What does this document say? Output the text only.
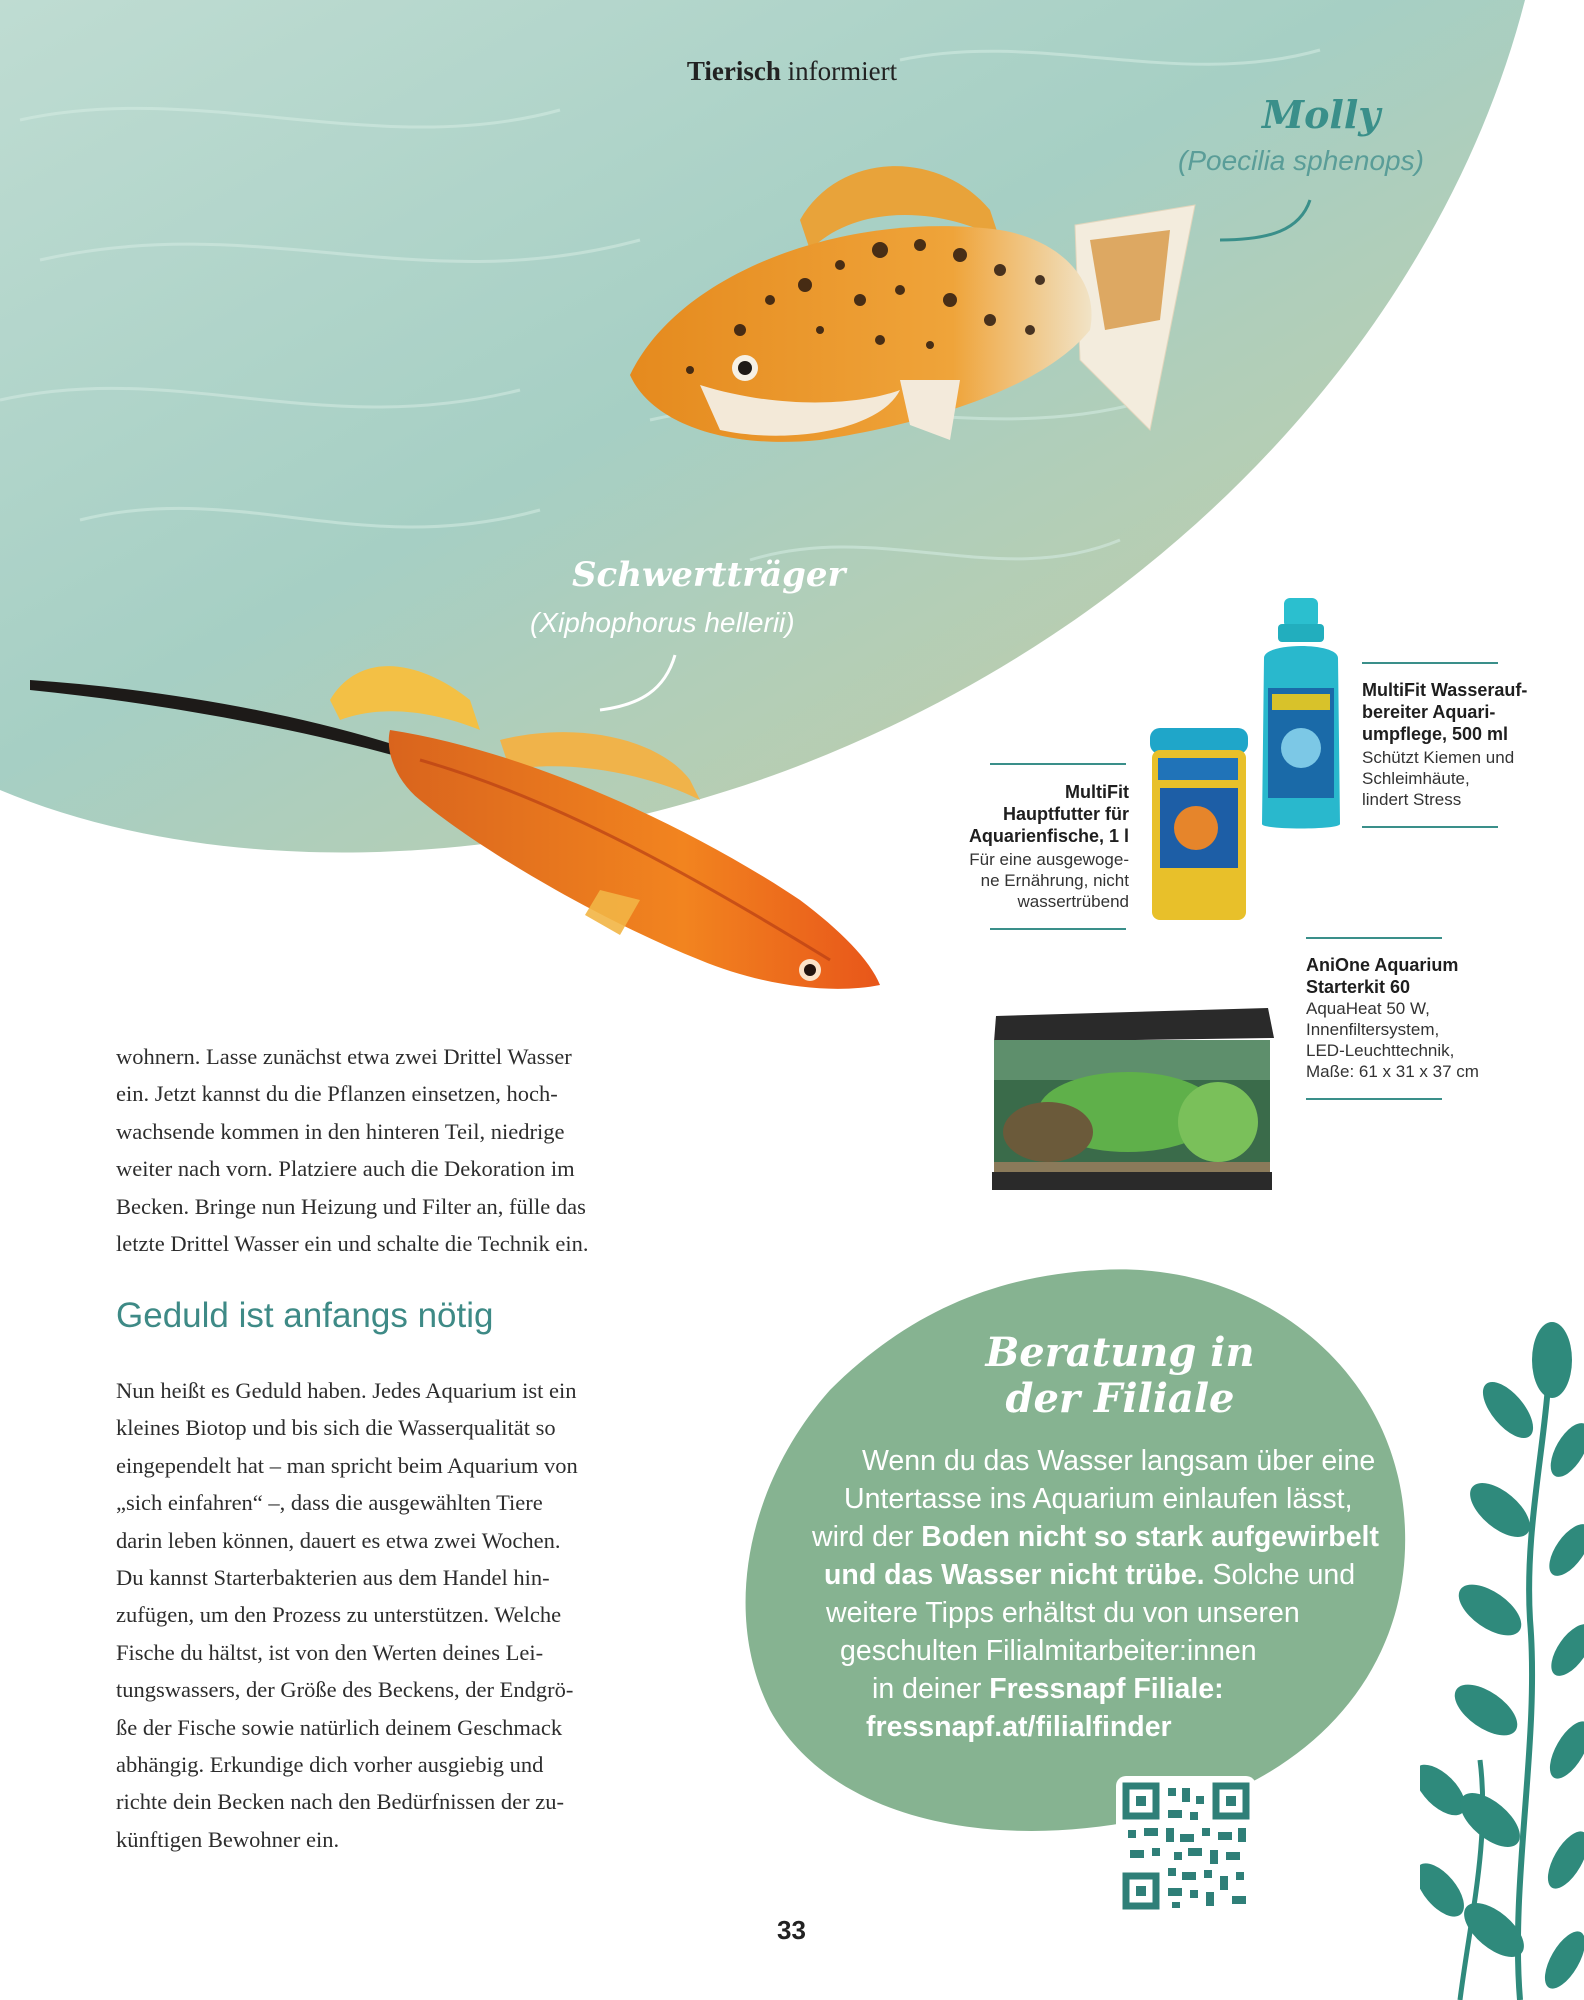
Tierisch informiert
Molly
(Poecilia sphenops)
Schwertträger
(Xiphophorus hellerii)
MultiFit Wasserauf-
bereiter Aquari-
umpflege, 500 ml
Schützt Kiemen und
Schleimhäute,
lindert Stress
MultiFit
Hauptfutter für
Aquarienfische, 1 l
Für eine ausgewoge-
ne Ernährung, nicht
wassertrübend
AniOne Aquarium
Starterkit 60
AquaHeat 50 W,
Innenfiltersystem,
LED-Leuchttechnik,
Maße: 61 x 31 x 37 cm

wohnern. Lasse zunächst etwa zwei Drittel Wasser

ein. Jetzt kannst du die Pflanzen einsetzen, hoch-

wachsende kommen in den hinteren Teil, niedrige

weiter nach vorn. Platziere auch die Dekoration im

Becken. Bringe nun Heizung und Filter an, fülle das

letzte Drittel Wasser ein und schalte die Technik ein.

Geduld ist anfangs nötig

Nun heißt es Geduld haben. Jedes Aquarium ist ein

kleines Biotop und bis sich die Wasserqualität so

eingependelt hat – man spricht beim Aquarium von

„sich einfahren“ –, dass die ausgewählten Tiere

darin leben können, dauert es etwa zwei Wochen.

Du kannst Starterbakterien aus dem Handel hin-

zufügen, um den Prozess zu unterstützen. Welche

Fische du hältst, ist von den Werten deines Lei-

tungswassers, der Größe des Beckens, der Endgrö-

ße der Fische sowie natürlich deinem Geschmack

abhängig. Erkundige dich vorher ausgiebig und

richte dein Becken nach den Bedürfnissen der zu-

künftigen Bewohner ein.

Beratung in
der Filiale
Wenn du das Wasser langsam über eine
Untertasse ins Aquarium einlaufen lässt,
wird der Boden nicht so stark aufgewirbelt
und das Wasser nicht trübe. Solche und
weitere Tipps erhältst du von unseren
geschulten Filialmitarbeiter:innen
in deiner Fressnapf Filiale:
fressnapf.at/filialfinder
33
